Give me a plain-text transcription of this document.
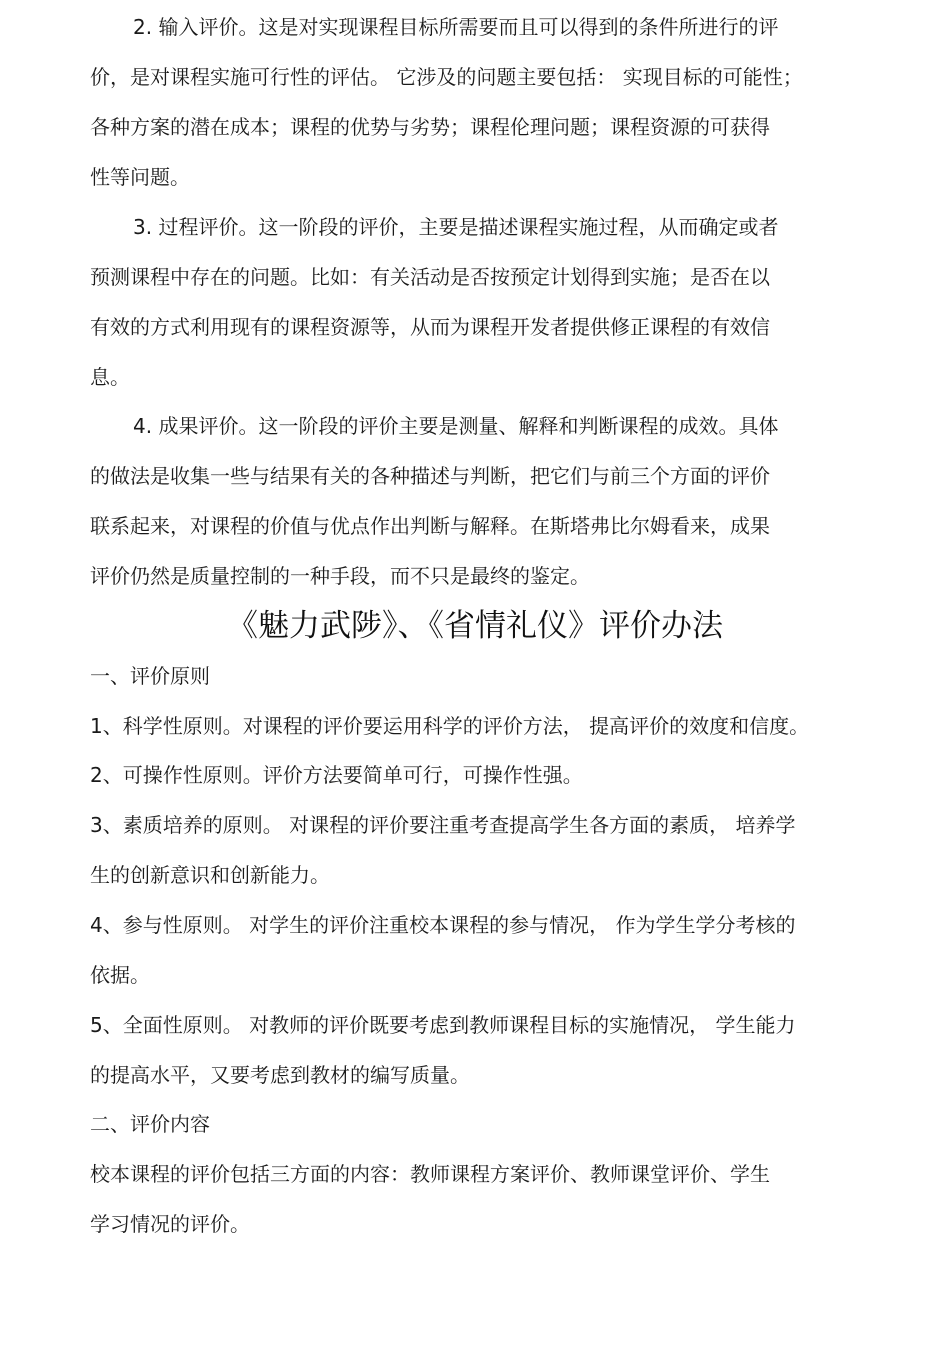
2. 输入评价。这是对实现课程目标所需要而且可以得到的条件所进行的评
价，是对课程实施可行性的评估。 它涉及的问题主要包括： 实现目标的可能性；
各种方案的潜在成本；课程的优势与劣势；课程伦理问题；课程资源的可获得
性等问题。
3. 过程评价。这一阶段的评价，主要是描述课程实施过程，从而确定或者
预测课程中存在的问题。比如：有关活动是否按预定计划得到实施；是否在以
有效的方式利用现有的课程资源等，从而为课程开发者提供修正课程的有效信
息。
4. 成果评价。这一阶段的评价主要是测量、解释和判断课程的成效。具体
的做法是收集一些与结果有关的各种描述与判断，把它们与前三个方面的评价
联系起来，对课程的价值与优点作出判断与解释。在斯塔弗比尔姆看来，成果
评价仍然是质量控制的一种手段，而不只是最终的鉴定。
《魅力武陟》、《省情礼仪》评价办法
一、评价原则
1、科学性原则。对课程的评价要运用科学的评价方法， 提高评价的效度和信度。
2、可操作性原则。评价方法要简单可行，可操作性强。
3、素质培养的原则。 对课程的评价要注重考查提高学生各方面的素质， 培养学
生的创新意识和创新能力。
4、参与性原则。 对学生的评价注重校本课程的参与情况， 作为学生学分考核的
依据。
5、全面性原则。 对教师的评价既要考虑到教师课程目标的实施情况， 学生能力
的提高水平，又要考虑到教材的编写质量。
二、评价内容
校本课程的评价包括三方面的内容：教师课程方案评价、教师课堂评价、学生
学习情况的评价。
